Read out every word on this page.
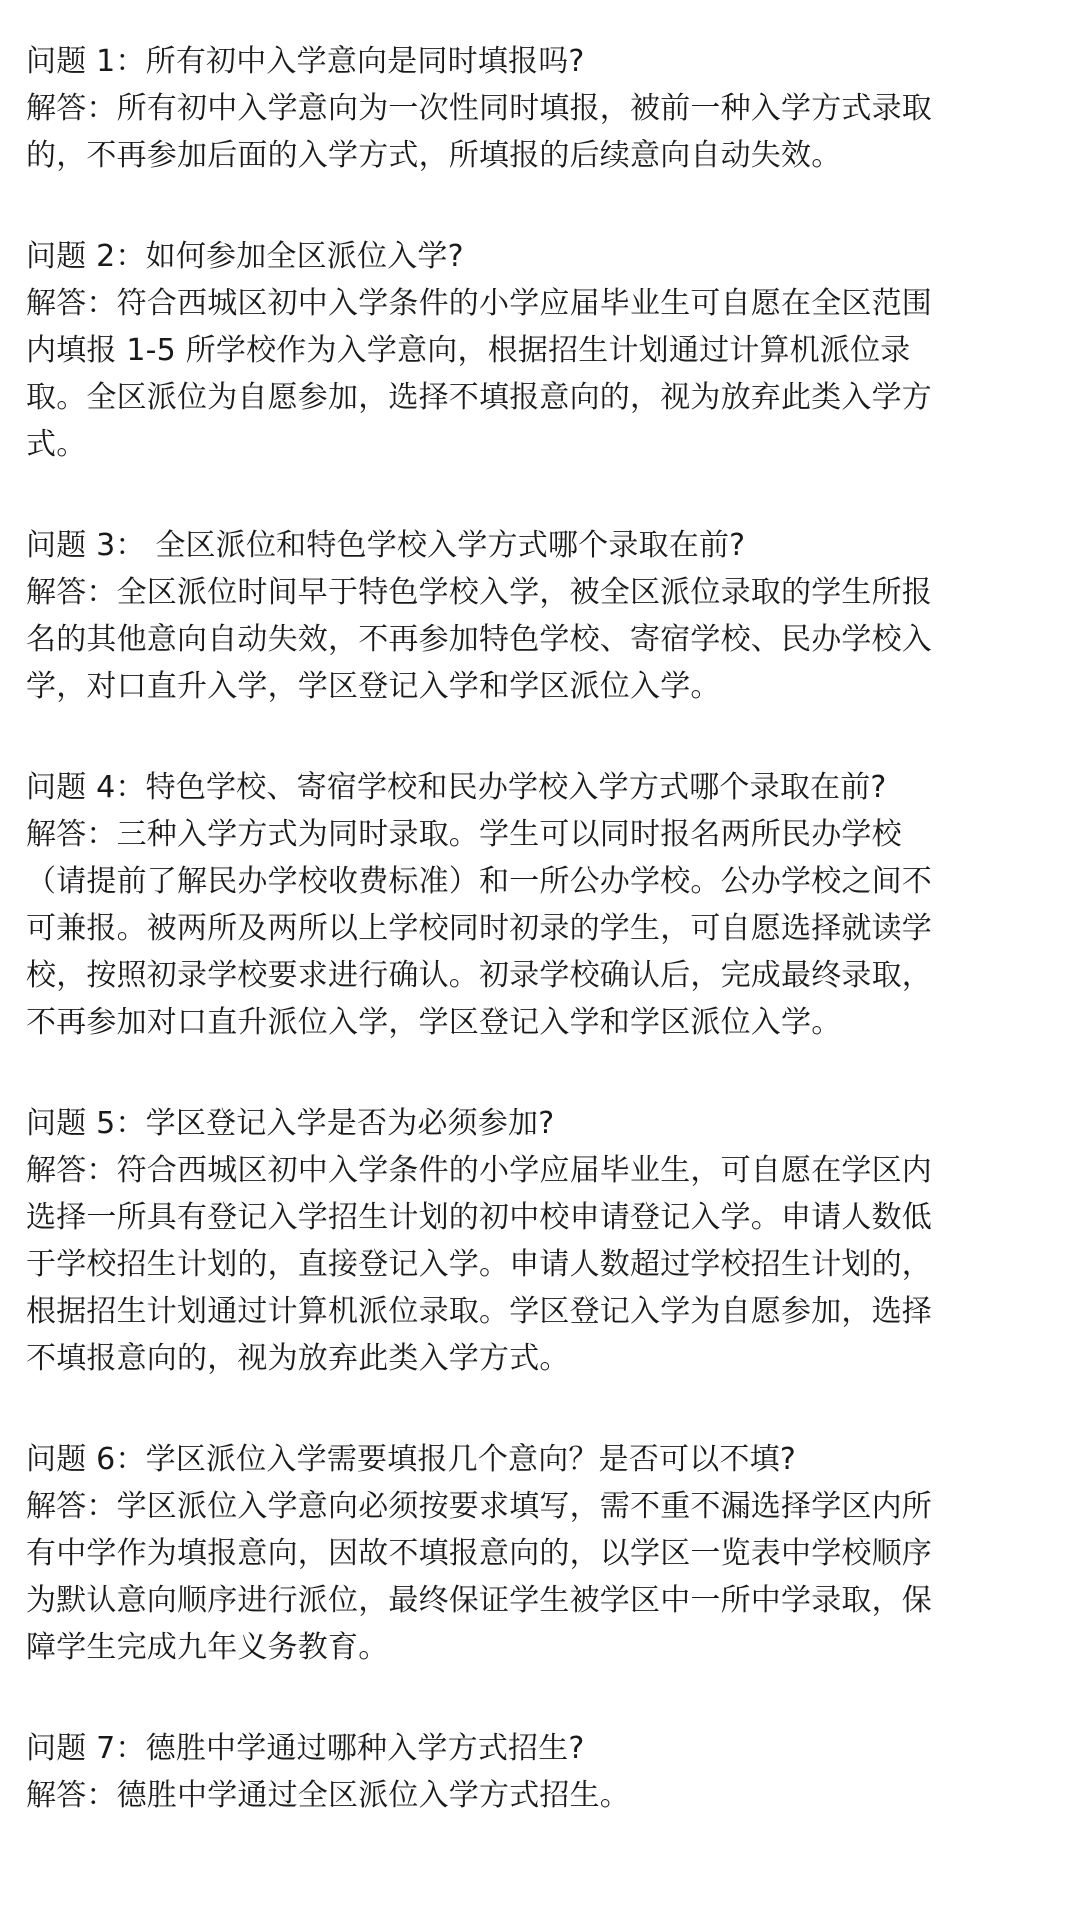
问题 1：所有初中入学意向是同时填报吗?
解答：所有初中入学意向为一次性同时填报，被前一种入学方式录取
的，不再参加后面的入学方式，所填报的后续意向自动失效。
问题 2：如何参加全区派位入学?
解答：符合西城区初中入学条件的小学应届毕业生可自愿在全区范围
内填报 1-5 所学校作为入学意向，根据招生计划通过计算机派位录
取。全区派位为自愿参加，选择不填报意向的，视为放弃此类入学方
式。
问题 3： 全区派位和特色学校入学方式哪个录取在前?
解答：全区派位时间早于特色学校入学，被全区派位录取的学生所报
名的其他意向自动失效，不再参加特色学校、寄宿学校、民办学校入
学，对口直升入学，学区登记入学和学区派位入学。
问题 4：特色学校、寄宿学校和民办学校入学方式哪个录取在前?
解答：三种入学方式为同时录取。学生可以同时报名两所民办学校
（请提前了解民办学校收费标准）和一所公办学校。公办学校之间不
可兼报。被两所及两所以上学校同时初录的学生，可自愿选择就读学
校，按照初录学校要求进行确认。初录学校确认后，完成最终录取，
不再参加对口直升派位入学，学区登记入学和学区派位入学。
问题 5：学区登记入学是否为必须参加?
解答：符合西城区初中入学条件的小学应届毕业生，可自愿在学区内
选择一所具有登记入学招生计划的初中校申请登记入学。申请人数低
于学校招生计划的，直接登记入学。申请人数超过学校招生计划的，
根据招生计划通过计算机派位录取。学区登记入学为自愿参加，选择
不填报意向的，视为放弃此类入学方式。
问题 6：学区派位入学需要填报几个意向？是否可以不填?
解答：学区派位入学意向必须按要求填写，需不重不漏选择学区内所
有中学作为填报意向，因故不填报意向的，以学区一览表中学校顺序
为默认意向顺序进行派位，最终保证学生被学区中一所中学录取，保
障学生完成九年义务教育。
问题 7：德胜中学通过哪种入学方式招生?
解答：德胜中学通过全区派位入学方式招生。
